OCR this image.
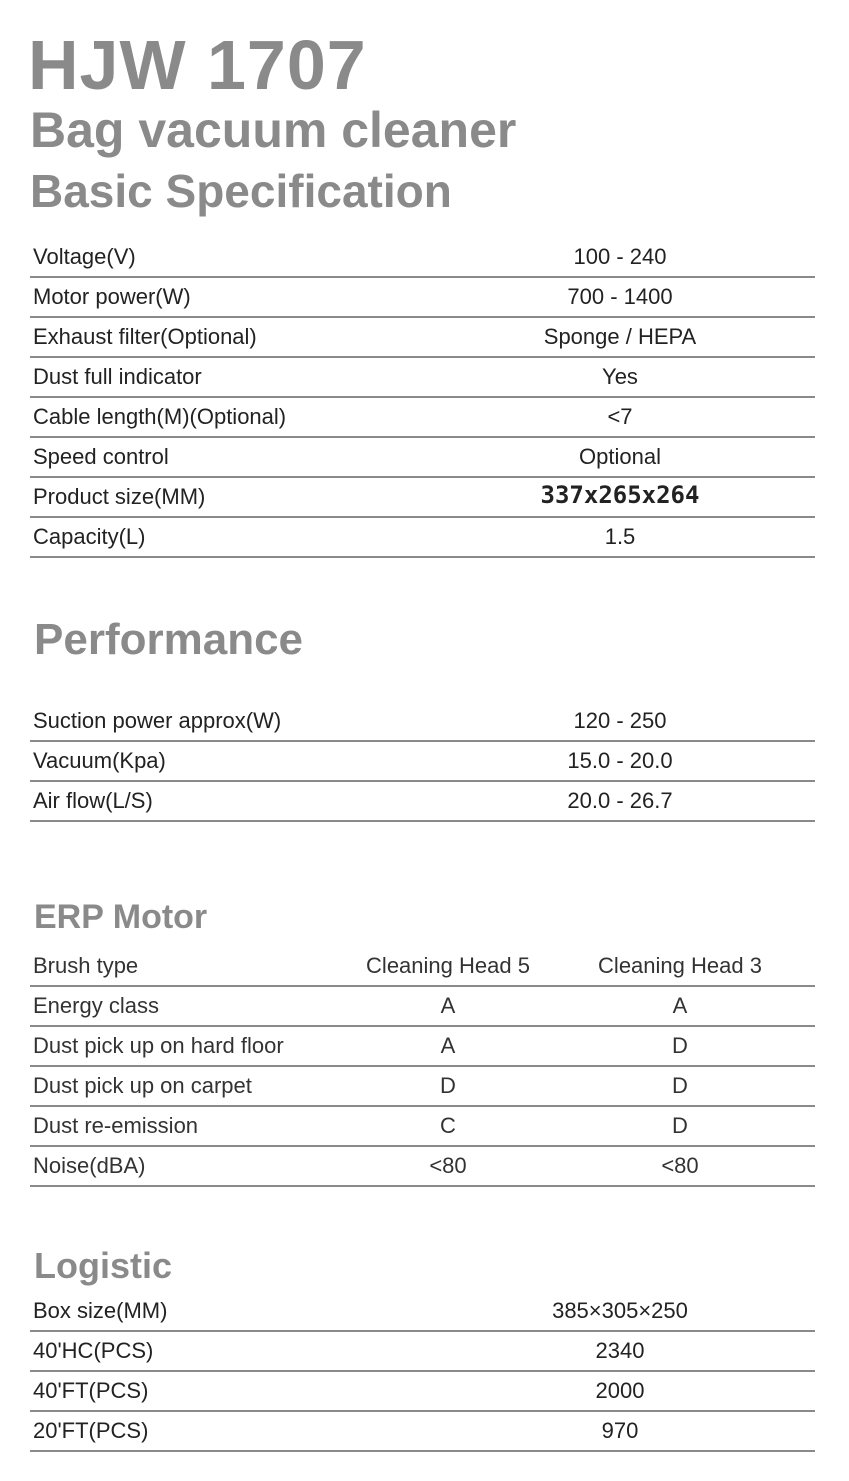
HJW 1707
Bag vacuum cleaner
Basic Specification
Voltage(V)	100 - 240
Motor power(W)	700 - 1400
Exhaust filter(Optional)	Sponge / HEPA
Dust full indicator	Yes
Cable length(M)(Optional)	<7
Speed control	Optional
Product size(MM)	337x265x264
Capacity(L)	1.5
Performance
Suction power approx(W)	120 - 250
Vacuum(Kpa)	15.0 - 20.0
Air flow(L/S)	20.0 - 26.7
ERP Motor
Brush type	Cleaning Head 5	Cleaning Head 3
Energy class	A	A
Dust pick up on hard floor	A	D
Dust pick up on carpet	D	D
Dust re-emission	C	D
Noise(dBA)	<80	<80
Logistic
Box size(MM)	385×305×250
40'HC(PCS)	2340
40'FT(PCS)	2000
20'FT(PCS)	970
